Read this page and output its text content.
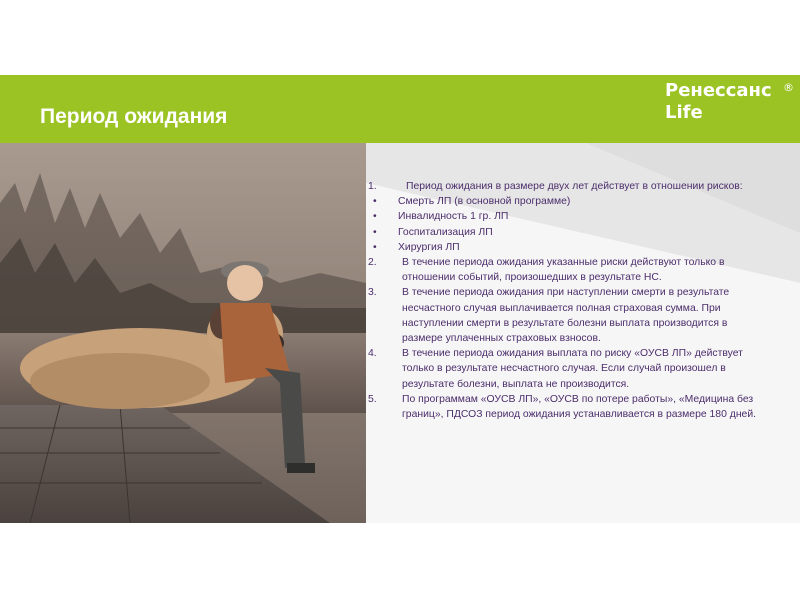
Период ожидания
Ренессанс
Life
®
1.	Период ожидания в размере двух лет действует в отношении рисков:
• Смерть ЛП (в основной программе)
• Инвалидность 1 гр. ЛП
• Госпитализация ЛП
• Хирургия ЛП
2. В течение периода ожидания указанные риски действуют только в отношении событий, произошедших в результате НС.
3. В течение периода ожидания при наступлении смерти в результате несчастного случая выплачивается полная страховая сумма. При наступлении смерти в результате болезни выплата производится в размере уплаченных страховых взносов.
4. В течение периода ожидания выплата по риску «ОУСВ ЛП» действует только в результате несчастного случая. Если случай произошел в результате болезни, выплата не производится.
5. По программам «ОУСВ ЛП», «ОУСВ по потере работы», «Медицина без границ», ПДСОЗ период ожидания устанавливается в размере 180 дней.
